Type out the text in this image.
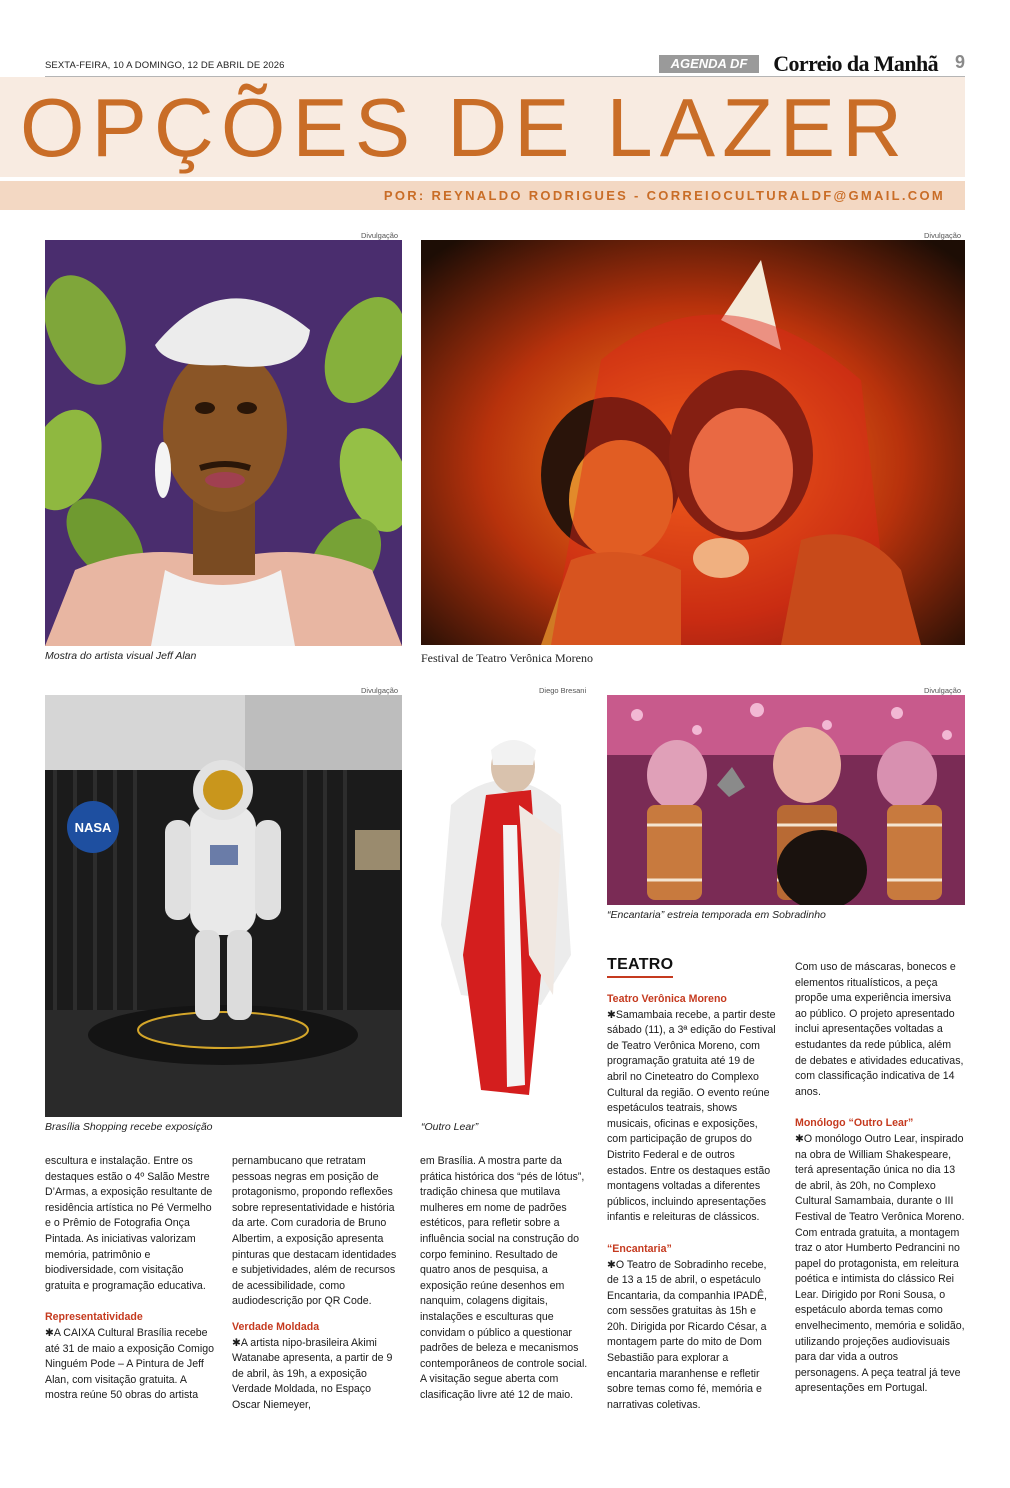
SEXTA-FEIRA, 10 A DOMINGO, 12 DE ABRIL DE 2026	AGENDA DF	Correio da Manhã 9
OPÇÕES DE LAZER
POR: REYNALDO RODRIGUES - CORREIOCULTURALDF@GMAIL.COM
Divulgação
Mostra do artista visual Jeff Alan
Divulgação
Festival de Teatro Verônica Moreno
Divulgação
NASA
Brasília Shopping recebe exposição
Diego Bresani
“Outro Lear”
Divulgação
“Encantaria” estreia temporada em Sobradinho

escultura e instalação. Entre os destaques estão o 4º Salão Mestre D’Armas, a exposição resultante de residência artística no Pé Vermelho e o Prêmio de Fotografia Onça Pintada. As iniciativas valorizam memória, patrimônio e biodiversidade, com visitação gratuita e programação educativa.

Representatividade

✱A CAIXA Cultural Brasília recebe até 31 de maio a exposição Comigo Ninguém Pode – A Pintura de Jeff Alan, com visitação gratuita. A mostra reúne 50 obras do artista

pernambucano que retratam pessoas negras em posição de protagonismo, propondo reflexões sobre representatividade e história da arte. Com curadoria de Bruno Albertim, a exposição apresenta pinturas que destacam identidades e subjetividades, além de recursos de acessibilidade, como audiodescrição por QR Code.

Verdade Moldada

✱A artista nipo-brasileira Akimi Watanabe apresenta, a partir de 9 de abril, às 19h, a exposição Verdade Moldada, no Espaço Oscar Niemeyer,

em Brasília. A mostra parte da prática histórica dos “pés de lótus”, tradição chinesa que mutilava mulheres em nome de padrões estéticos, para refletir sobre a influência social na construção do corpo feminino. Resultado de quatro anos de pesquisa, a exposição reúne desenhos em nanquim, colagens digitais, instalações e esculturas que convidam o público a questionar padrões de beleza e mecanismos contemporâneos de controle social. A visitação segue aberta com clasificação livre até 12 de maio.

TEATRO

Teatro Verônica Moreno

✱Samambaia recebe, a partir deste sábado (11), a 3ª edição do Festival de Teatro Verônica Moreno, com programação gratuita até 19 de abril no Cineteatro do Complexo Cultural da região. O evento reúne espetáculos teatrais, shows musicais, oficinas e exposições, com participação de grupos do Distrito Federal e de outros estados. Entre os destaques estão montagens voltadas a diferentes públicos, incluindo apresentações infantis e releituras de clássicos.

“Encantaria”

✱O Teatro de Sobradinho recebe, de 13 a 15 de abril, o espetáculo Encantaria, da companhia IPADÊ, com sessões gratuitas às 15h e 20h. Dirigida por Ricardo César, a montagem parte do mito de Dom Sebastião para explorar a encantaria maranhense e refletir sobre temas como fé, memória e narrativas coletivas.

Com uso de máscaras, bonecos e elementos ritualísticos, a peça propõe uma experiência imersiva ao público. O projeto apresentado inclui apresentações voltadas a estudantes da rede pública, além de debates e atividades educativas, com classificação indicativa de 14 anos.

Monólogo “Outro Lear”

✱O monólogo Outro Lear, inspirado na obra de William Shakespeare, terá apresentação única no dia 13 de abril, às 20h, no Complexo Cultural Samambaia, durante o III Festival de Teatro Verônica Moreno. Com entrada gratuita, a montagem traz o ator Humberto Pedrancini no papel do protagonista, em releitura poética e intimista do clássico Rei Lear. Dirigido por Roni Sousa, o espetáculo aborda temas como envelhecimento, memória e solidão, utilizando projeções audiovisuais para dar vida a outros personagens. A peça teatral já teve apresentações em Portugal.
